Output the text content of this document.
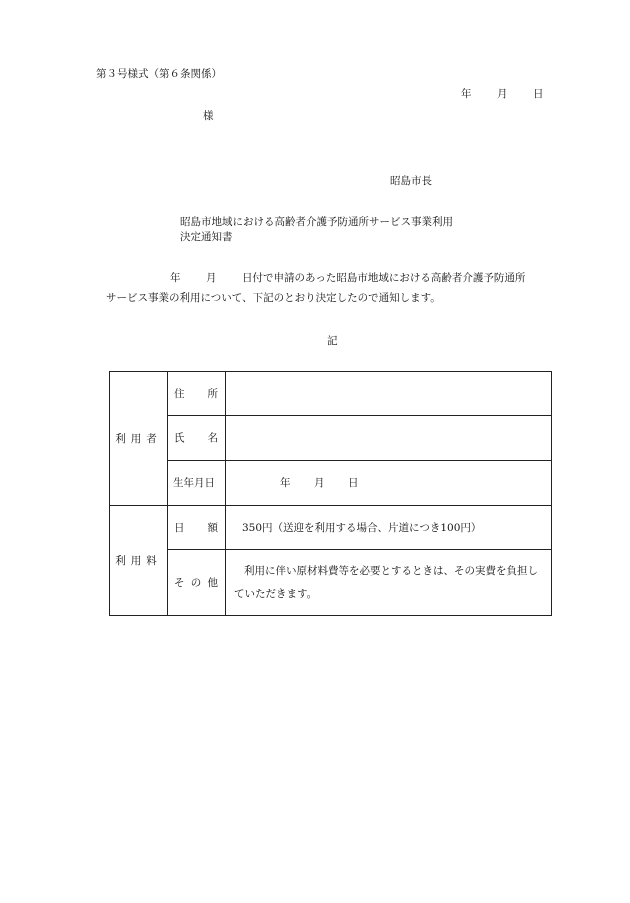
第３号様式（第６条関係）
年 月 日
様
昭島市長
昭島市地域における高齢者介護予防通所サービス事業利用
決定通知書
年 月 日付で申請のあった昭島市地域における高齢者介護予防通所
サービス事業の利用について、下記のとおり決定したので通知します。
記
利用者	住 所	

	氏 名	

	生年月日	年 月 日

利用料	日 額	350円（送迎を利用する場合、片道につき100円）

	そ の 他	利用に伴い原材料費等を必要とするときは、その実費を負担していただきます。
